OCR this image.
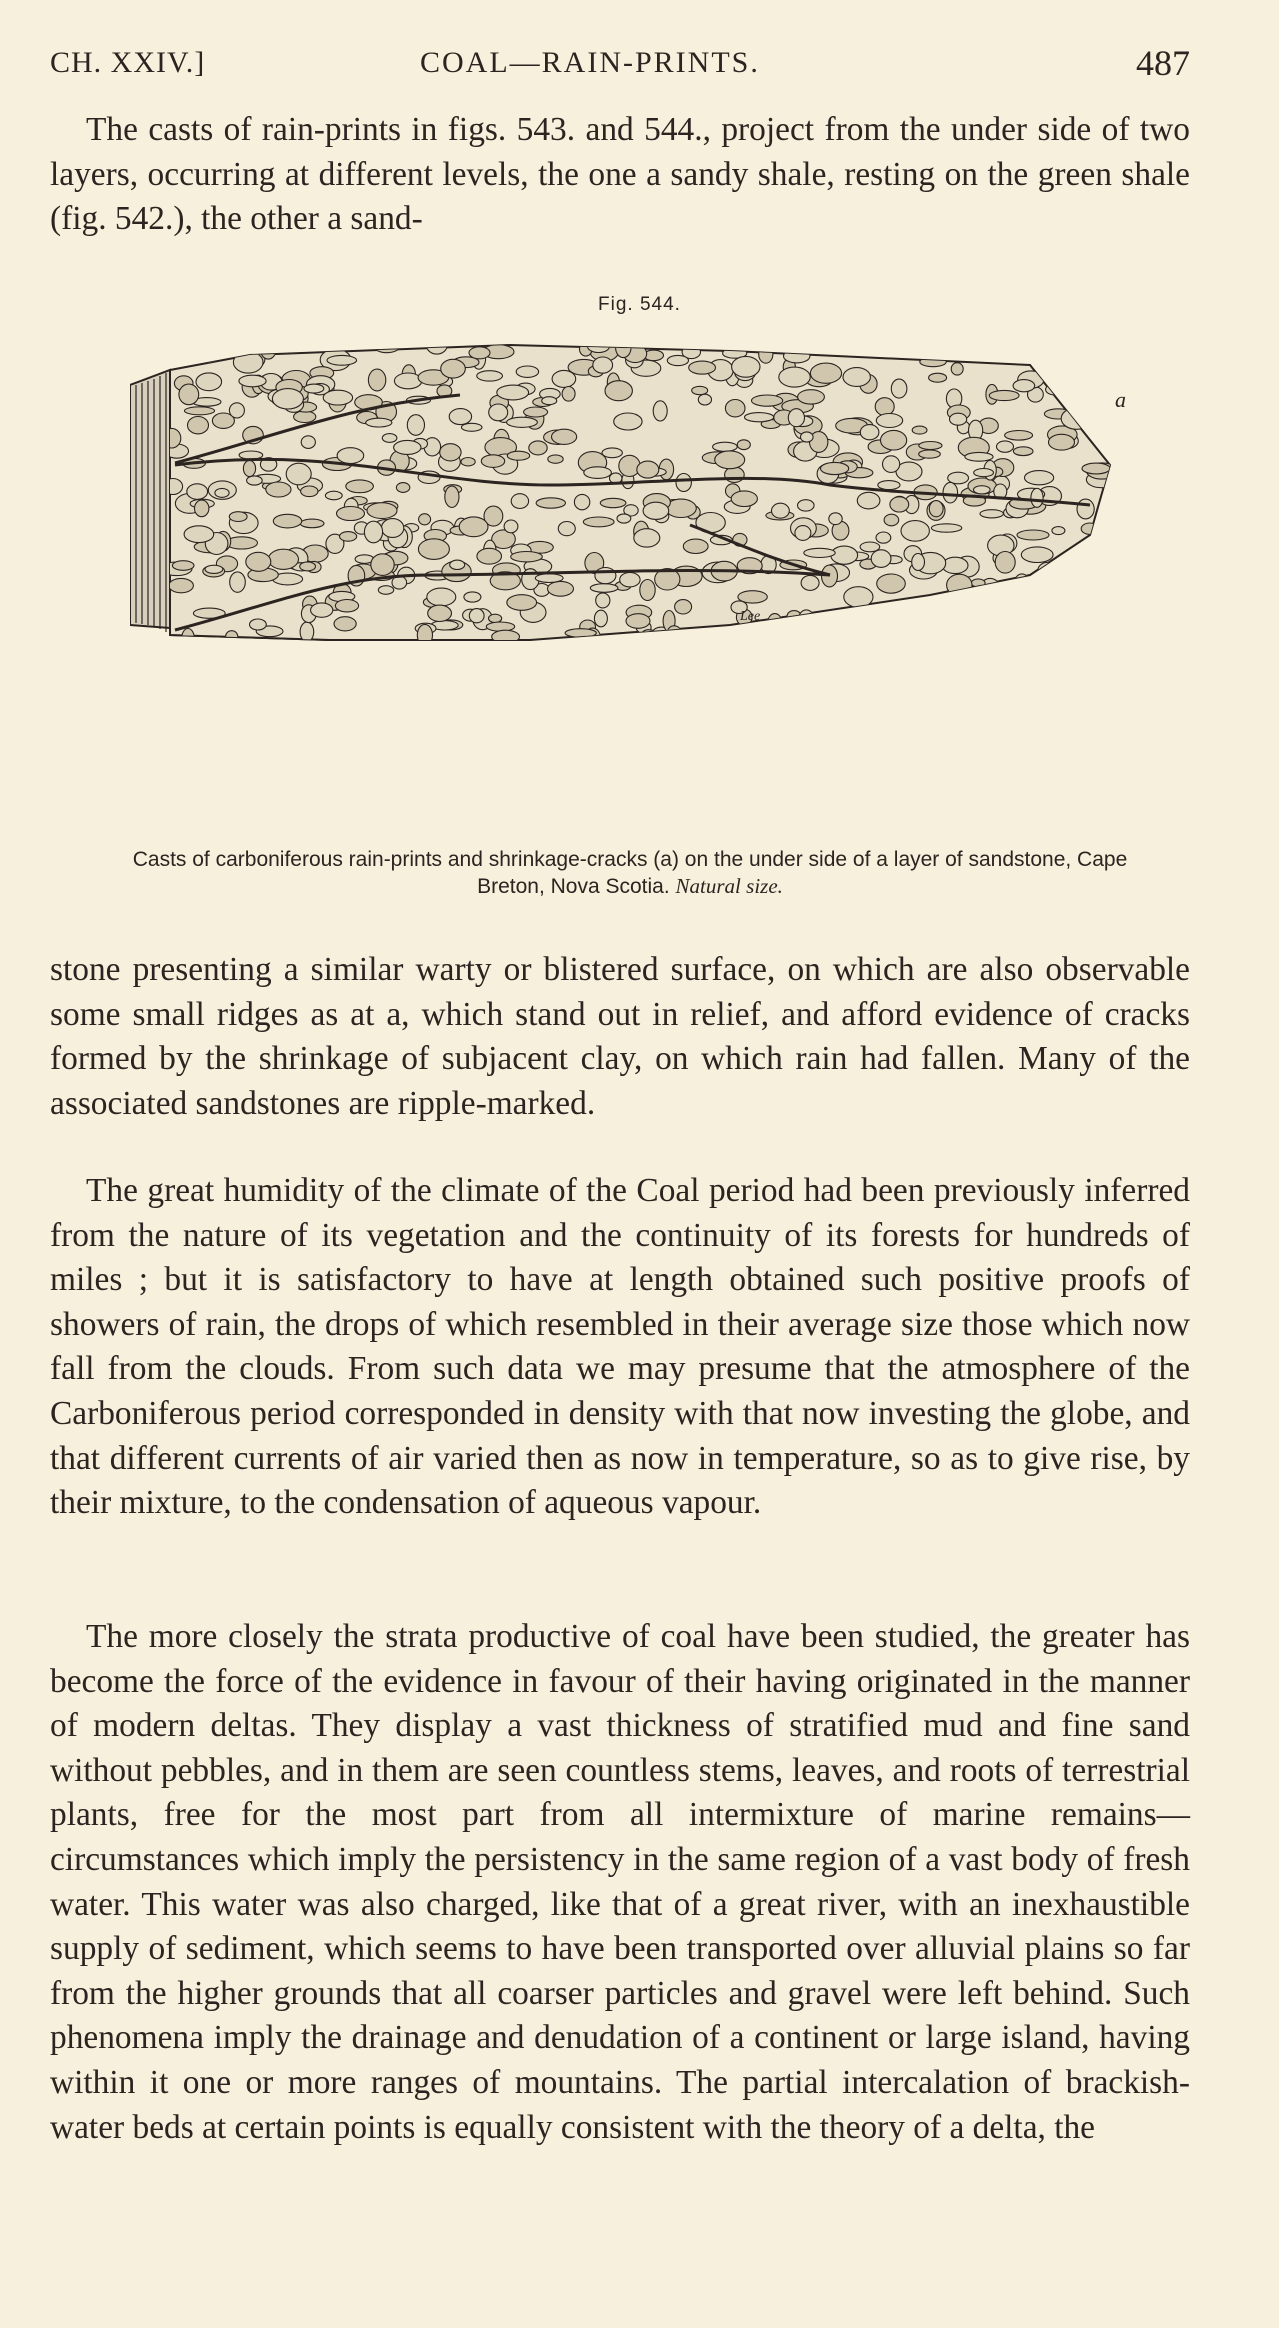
CH. XXIV.]	COAL—RAIN-PRINTS.	487

The casts of rain-prints in figs. 543. and 544., project from the under side of two layers, occurring at different levels, the one a sandy shale, resting on the green shale (fig. 542.), the other a sand-

Fig. 544.
a
Lee
Casts of carboniferous rain-prints and shrinkage-cracks (a) on the under side of a layer of sandstone, Cape Breton, Nova Scotia. Natural size.

stone presenting a similar warty or blistered surface, on which are also observable some small ridges as at a, which stand out in relief, and afford evidence of cracks formed by the shrinkage of subjacent clay, on which rain had fallen. Many of the associated sandstones are ripple-marked.

The great humidity of the climate of the Coal period had been previously inferred from the nature of its vegetation and the continuity of its forests for hundreds of miles ; but it is satisfactory to have at length obtained such positive proofs of showers of rain, the drops of which resembled in their average size those which now fall from the clouds. From such data we may presume that the atmosphere of the Carboniferous period corresponded in density with that now investing the globe, and that different currents of air varied then as now in temperature, so as to give rise, by their mixture, to the condensation of aqueous vapour.

The more closely the strata productive of coal have been studied, the greater has become the force of the evidence in favour of their having originated in the manner of modern deltas. They display a vast thickness of stratified mud and fine sand without pebbles, and in them are seen countless stems, leaves, and roots of terrestrial plants, free for the most part from all intermixture of marine remains—circumstances which imply the persistency in the same region of a vast body of fresh water. This water was also charged, like that of a great river, with an inexhaustible supply of sediment, which seems to have been transported over alluvial plains so far from the higher grounds that all coarser particles and gravel were left behind. Such phenomena imply the drainage and denudation of a continent or large island, having within it one or more ranges of mountains. The partial intercalation of brackish-water beds at certain points is equally consistent with the theory of a delta, the
